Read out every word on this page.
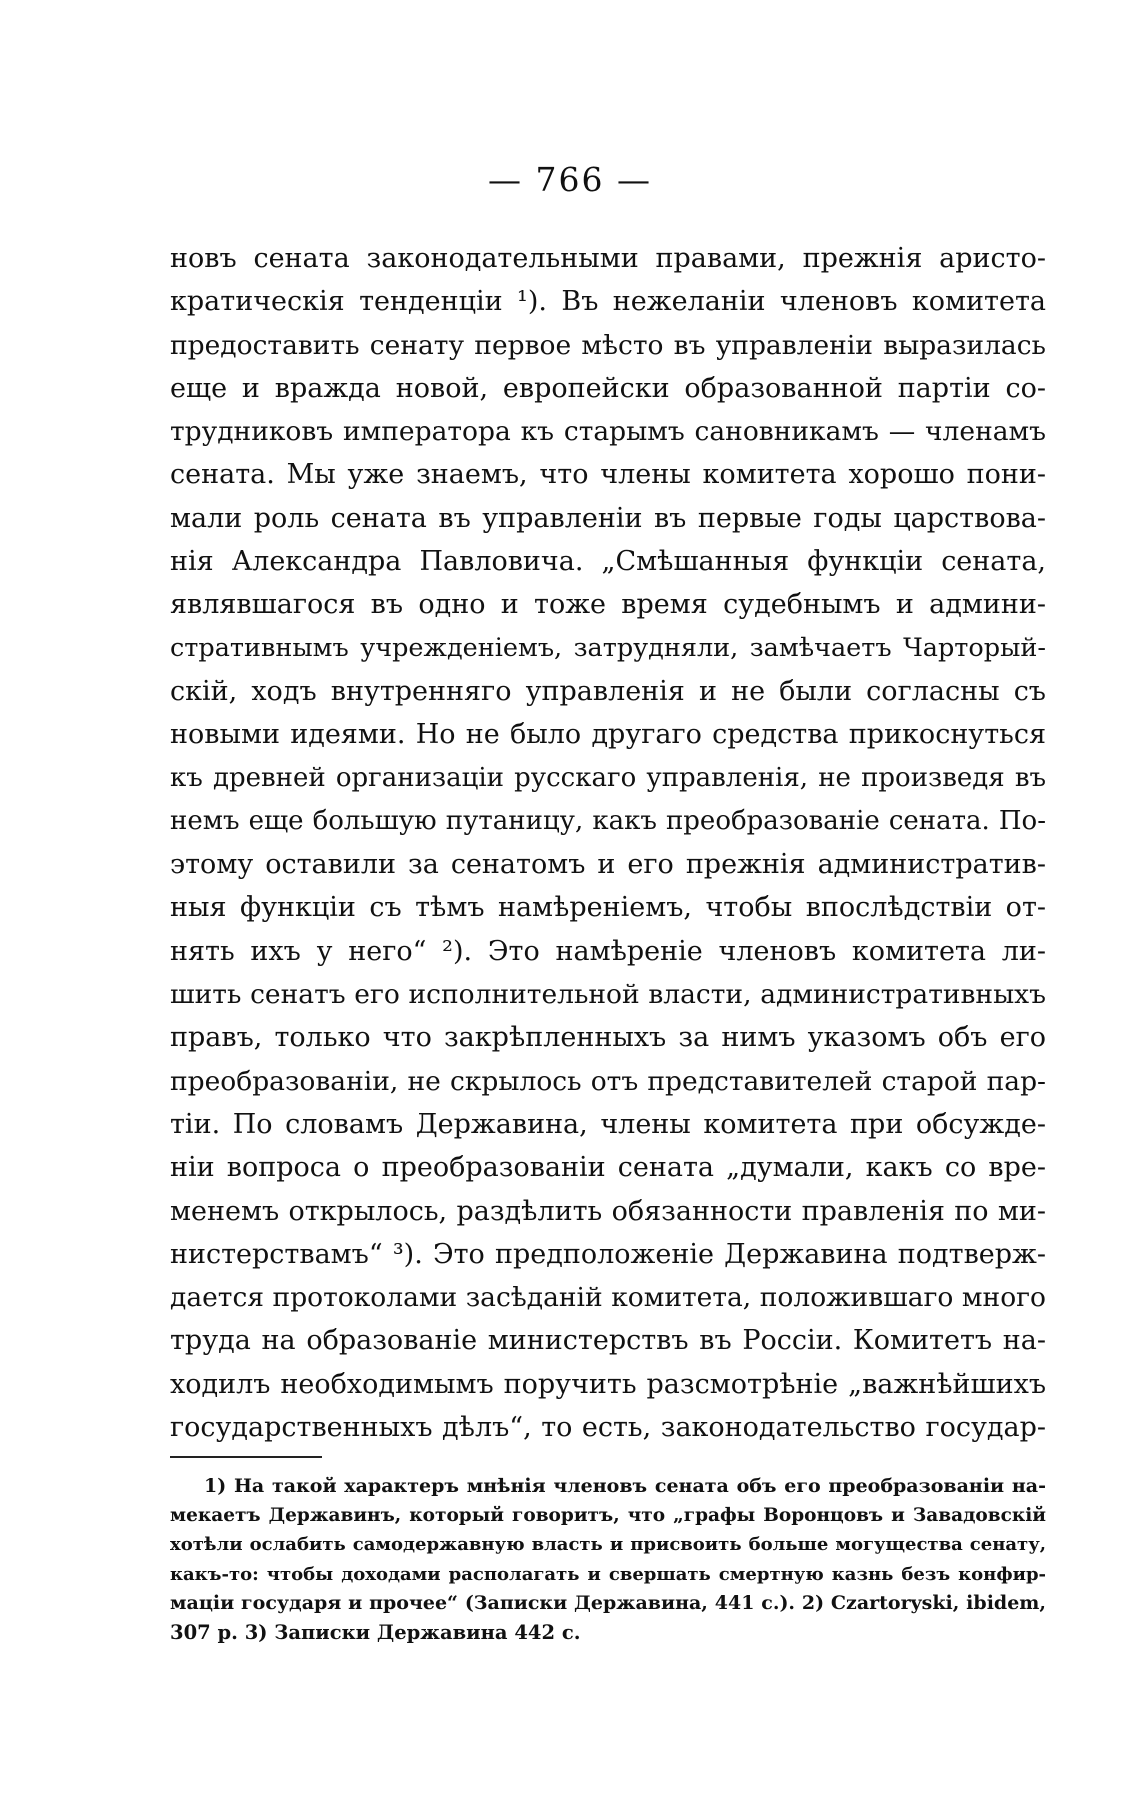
— 766 —
новъ сената законодательными правами, прежнія аристо-
кратическія тенденціи ¹). Въ нежеланіи членовъ комитета
предоставить сенату первое мѣсто въ управленіи выразилась
еще и вражда новой, европейски образованной партіи со-
трудниковъ императора къ старымъ сановникамъ — членамъ
сената. Мы уже знаемъ, что члены комитета хорошо пони-
мали роль сената въ управленіи въ первые годы царствова-
нія Александра Павловича. „Смѣшанныя функціи сената,
являвшагося въ одно и тоже время судебнымъ и админи-
стративнымъ учрежденіемъ, затрудняли, замѣчаетъ Чарторый-
скій, ходъ внутренняго управленія и не были согласны съ
новыми идеями. Но не было другаго средства прикоснуться
къ древней организаціи русскаго управленія, не произведя въ
немъ еще большую путаницу, какъ преобразованіе сената. По-
этому оставили за сенатомъ и его прежнія административ-
ныя функціи съ тѣмъ намѣреніемъ, чтобы впослѣдствіи от-
нять ихъ у него“ ²). Это намѣреніе членовъ комитета ли-
шить сенатъ его исполнительной власти, административныхъ
правъ, только что закрѣпленныхъ за нимъ указомъ объ его
преобразованіи, не скрылось отъ представителей старой пар-
тіи. По словамъ Державина, члены комитета при обсужде-
ніи вопроса о преобразованіи сената „думали, какъ со вре-
менемъ открылось, раздѣлить обязанности правленія по ми-
нистерствамъ“ ³). Это предположеніе Державина подтверж-
дается протоколами засѣданій комитета, положившаго много
труда на образованіе министерствъ въ Россіи. Комитетъ на-
ходилъ необходимымъ поручить разсмотрѣніе „важнѣйшихъ
государственныхъ дѣлъ“, то есть, законодательство государ-
1) На такой характеръ мнѣнія членовъ сената объ его преобразованіи на-
мекаетъ Державинъ, который говоритъ, что „графы Воронцовъ и Завадовскій
хотѣли ослабить самодержавную власть и присвоить больше могущества сенату,
какъ-то: чтобы доходами располагать и свершать смертную казнь безъ конфир-
маціи государя и прочее“ (Записки Державина, 441 с.). 2) Czartoryski, ibidem,
307 р. 3) Записки Державина 442 с.
